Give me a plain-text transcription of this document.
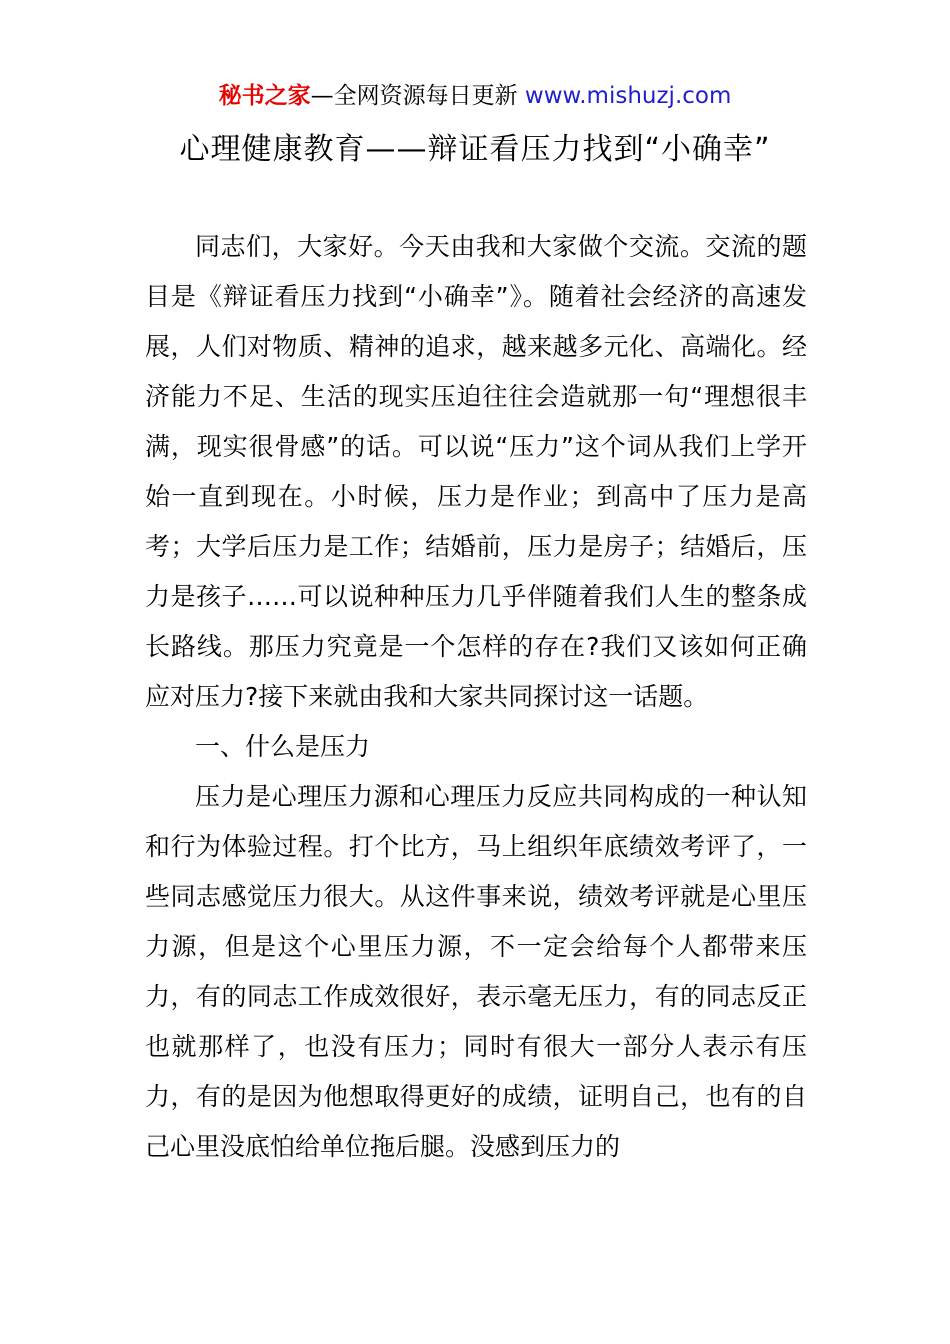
秘书之家—全网资源每日更新 www.mishuzj.com
心理健康教育——辩证看压力找到“小确幸”

同志们，大家好。今天由我和大家做个交流。交流的题目是《辩证看压力找到“小确幸”》。随着社会经济的高速发展，人们对物质、精神的追求，越来越多元化、高端化。经济能力不足、生活的现实压迫往往会造就那一句“理想很丰满，现实很骨感”的话。可以说“压力”这个词从我们上学开始一直到现在。小时候，压力是作业；到高中了压力是高考；大学后压力是工作；结婚前，压力是房子；结婚后，压力是孩子……可以说种种压力几乎伴随着我们人生的整条成长路线。那压力究竟是一个怎样的存在?我们又该如何正确应对压力?接下来就由我和大家共同探讨这一话题。

一、什么是压力

压力是心理压力源和心理压力反应共同构成的一种认知和行为体验过程。打个比方，马上组织年底绩效考评了，一些同志感觉压力很大。从这件事来说，绩效考评就是心里压力源，但是这个心里压力源，不一定会给每个人都带来压力，有的同志工作成效很好，表示毫无压力，有的同志反正也就那样了，也没有压力；同时有很大一部分人表示有压力，有的是因为他想取得更好的成绩，证明自己，也有的自己心里没底怕给单位拖后腿。没感到压力的
